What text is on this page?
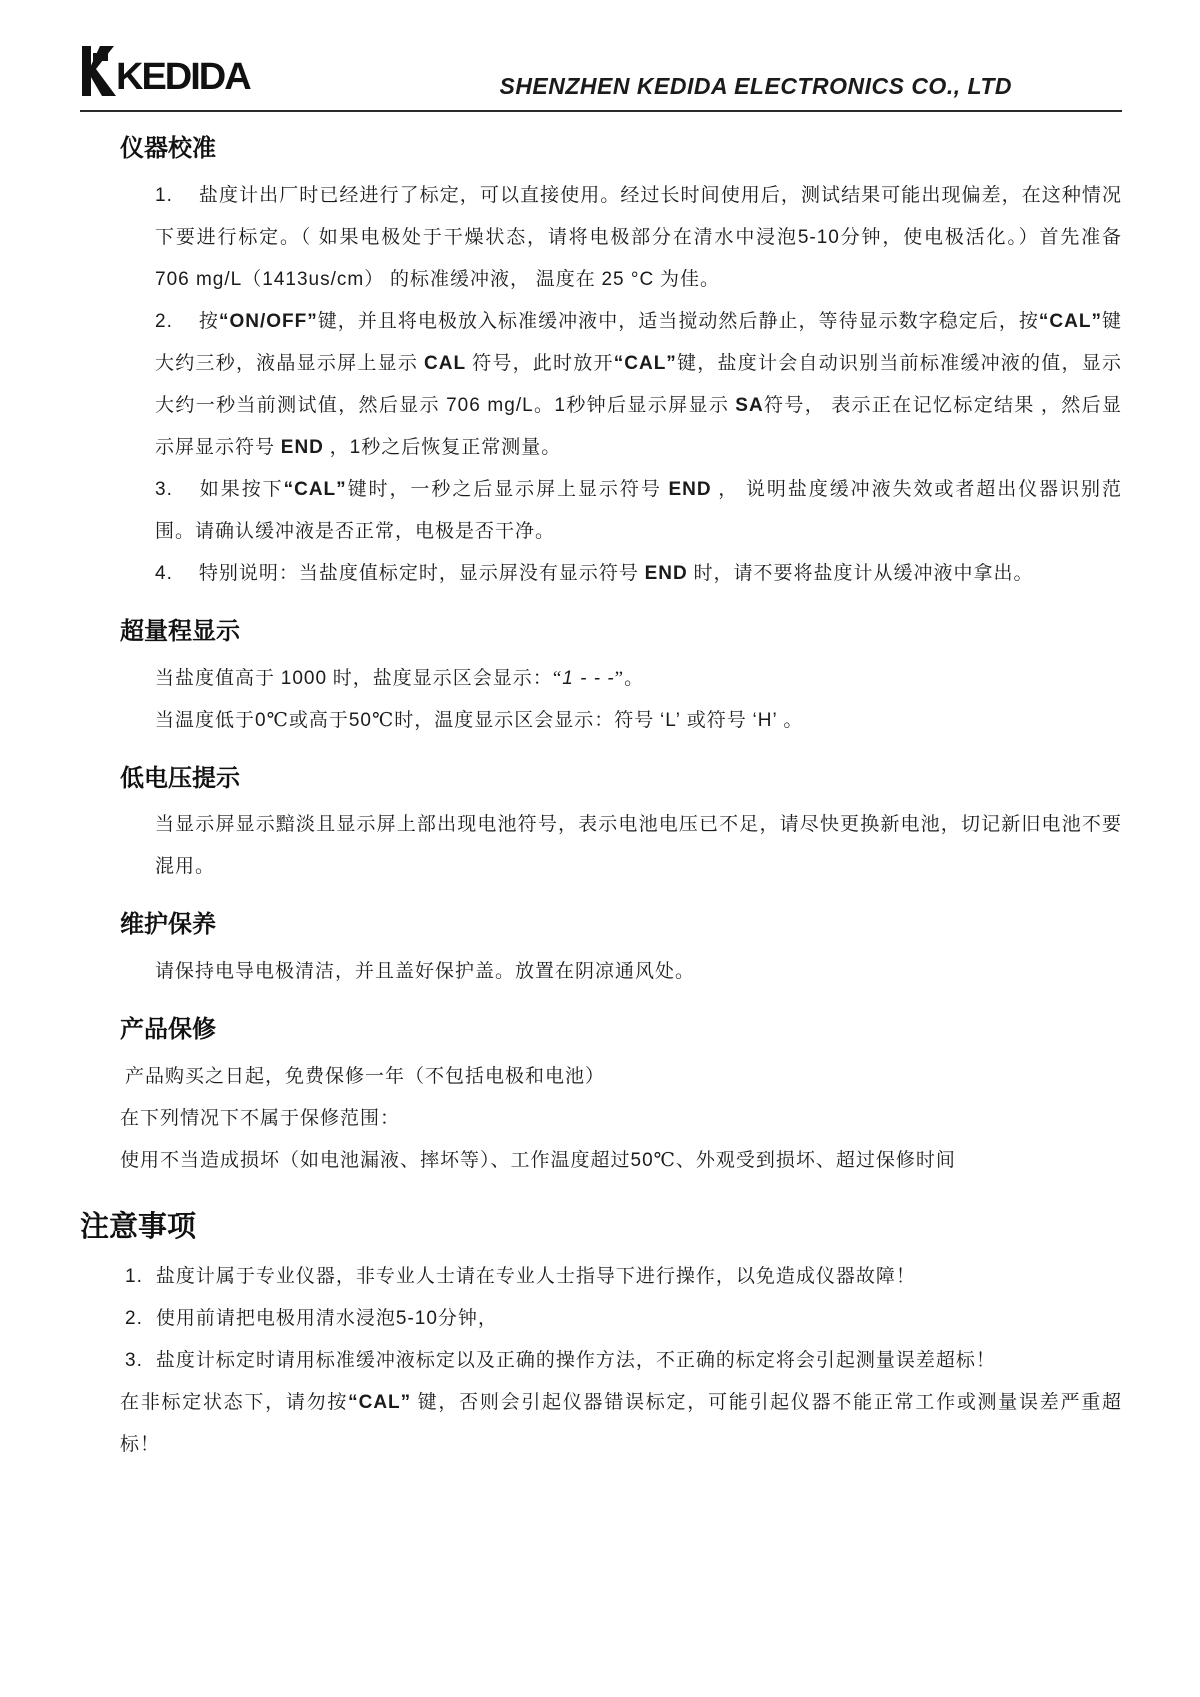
KEDIDA	SHENZHEN KEDIDA ELECTRONICS CO., LTD
仪器校准

1. 盐度计出厂时已经进行了标定，可以直接使用。经过长时间使用后，测试结果可能出现偏差，在这种情况下要进行标定。（ 如果电极处于干燥状态，请将电极部分在清水中浸泡5-10分钟，使电极活化。）首先准备 706 mg/L（1413us/cm） 的标准缓冲液， 温度在 25 °C 为佳。

2. 按“ON/OFF”键，并且将电极放入标准缓冲液中，适当搅动然后静止，等待显示数字稳定后，按“CAL”键大约三秒，液晶显示屏上显示 CAL 符号，此时放开“CAL”键，盐度计会自动识别当前标准缓冲液的值，显示大约一秒当前测试值，然后显示 706 mg/L。1秒钟后显示屏显示 SA符号， 表示正在记忆标定结果 ，然后显示屏显示符号 END ，1秒之后恢复正常测量。

3. 如果按下“CAL”键时，一秒之后显示屏上显示符号 END ， 说明盐度缓冲液失效或者超出仪器识别范围。请确认缓冲液是否正常，电极是否干净。

4. 特别说明：当盐度值标定时，显示屏没有显示符号 END 时，请不要将盐度计从缓冲液中拿出。

超量程显示

当盐度值高于 1000 时，盐度显示区会显示：“1 - - -”。

当温度低于0℃或高于50℃时，温度显示区会显示：符号 ‘L’ 或符号 ‘H’ 。

低电压提示

当显示屏显示黯淡且显示屏上部出现电池符号，表示电池电压已不足，请尽快更换新电池，切记新旧电池不要混用。

维护保养

请保持电导电极清洁，并且盖好保护盖。放置在阴凉通风处。

产品保修

产品购买之日起，免费保修一年（不包括电极和电池）

在下列情况下不属于保修范围：

使用不当造成损坏（如电池漏液、摔坏等）、工作温度超过50℃、外观受到损坏、超过保修时间

注意事项

1. 盐度计属于专业仪器，非专业人士请在专业人士指导下进行操作，以免造成仪器故障！

2. 使用前请把电极用清水浸泡5-10分钟，

3. 盐度计标定时请用标准缓冲液标定以及正确的操作方法，不正确的标定将会引起测量误差超标！

在非标定状态下，请勿按“CAL” 键，否则会引起仪器错误标定，可能引起仪器不能正常工作或测量误差严重超标！
